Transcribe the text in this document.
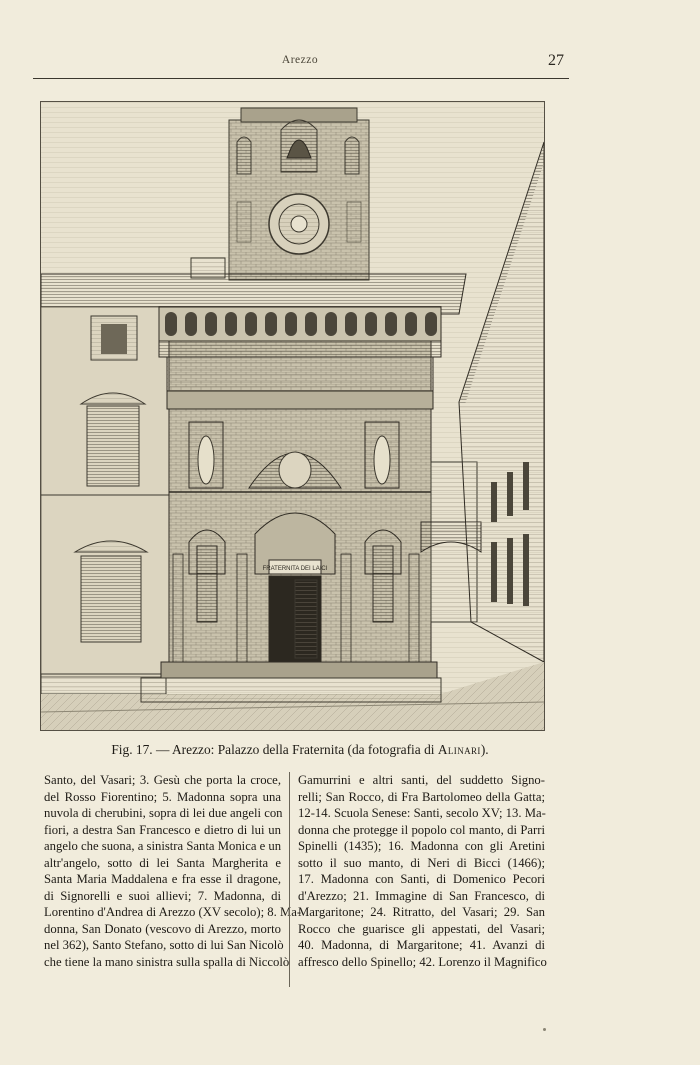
Arezzo	27
FRATERNITA DEI LAICI
Fig. 17. — Arezzo: Palazzo della Fraternita (da fotografia di Alinari).
Santo, del Vasari; 3. Gesù che porta la croce,
del Rosso Fiorentino; 5. Madonna sopra una
nuvola di cherubini, sopra di lei due angeli con
fiori, a destra San Francesco e dietro di lui un
angelo che suona, a sinistra Santa Monica e un
altr'angelo, sotto di lei Santa Margherita e
Santa Maria Maddalena e fra esse il dragone,
di Signorelli e suoi allievi; 7. Madonna, di
Lorentino d'Andrea di Arezzo (XV secolo); 8. Ma-
donna, San Donato (vescovo di Arezzo, morto
nel 362), Santo Stefano, sotto di lui San Nicolò
che tiene la mano sinistra sulla spalla di Niccolò
Gamurrini e altri santi, del suddetto Signo-
relli; San Rocco, di Fra Bartolomeo della Gatta;
12-14. Scuola Senese: Santi, secolo XV; 13. Ma-
donna che protegge il popolo col manto, di Parri
Spinelli (1435); 16. Madonna con gli Aretini
sotto il suo manto, di Neri di Bicci (1466);
17. Madonna con Santi, di Domenico Pecori
d'Arezzo; 21. Immagine di San Francesco, di
Margaritone; 24. Ritratto, del Vasari; 29. San
Rocco che guarisce gli appestati, del Vasari;
40. Madonna, di Margaritone; 41. Avanzi di
affresco dello Spinello; 42. Lorenzo il Magnifico
